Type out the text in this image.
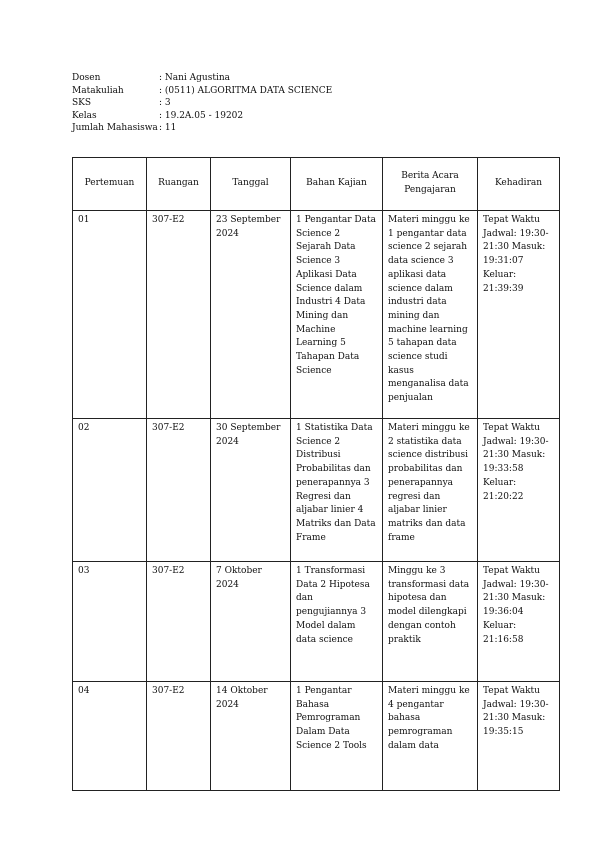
Dosen	: Nani Agustina
Matakuliah	: (0511) ALGORITMA DATA SCIENCE
SKS	: 3
Kelas	: 19.2A.05 - 19202
Jumlah Mahasiswa : 11
Pertemuan	Ruangan	Tanggal	Bahan Kajian	Berita Acara Pengajaran	Kehadiran

01	307-E2	23 September 2024	1 Pengantar Data Science 2 Sejarah Data Science 3 Aplikasi Data Science dalam Industri 4 Data Mining dan Machine Learning 5 Tahapan Data Science	Materi minggu ke 1 pengantar data science 2 sejarah data science 3 aplikasi data science dalam industri data mining dan machine learning 5 tahapan data science studi kasus menganalisa data penjualan	Tepat Waktu Jadwal: 19:30-21:30 Masuk: 19:31:07 Keluar: 21:39:39

02	307-E2	30 September 2024	1 Statistika Data Science 2 Distribusi Probabilitas dan penerapannya 3 Regresi dan aljabar linier 4 Matriks dan Data Frame	Materi minggu ke 2 statistika data science distribusi probabilitas dan penerapannya regresi dan aljabar linier matriks dan data frame	Tepat Waktu Jadwal: 19:30-21:30 Masuk: 19:33:58 Keluar: 21:20:22

03	307-E2	7 Oktober 2024	1 Transformasi Data 2 Hipotesa dan pengujiannya 3 Model dalam data science	Minggu ke 3 transformasi data hipotesa dan model dilengkapi dengan contoh praktik	Tepat Waktu Jadwal: 19:30-21:30 Masuk: 19:36:04 Keluar: 21:16:58

04	307-E2	14 Oktober 2024	1 Pengantar Bahasa Pemrograman Dalam Data Science 2 Tools	Materi minggu ke 4 pengantar bahasa pemrograman dalam data	Tepat Waktu Jadwal: 19:30-21:30 Masuk: 19:35:15
